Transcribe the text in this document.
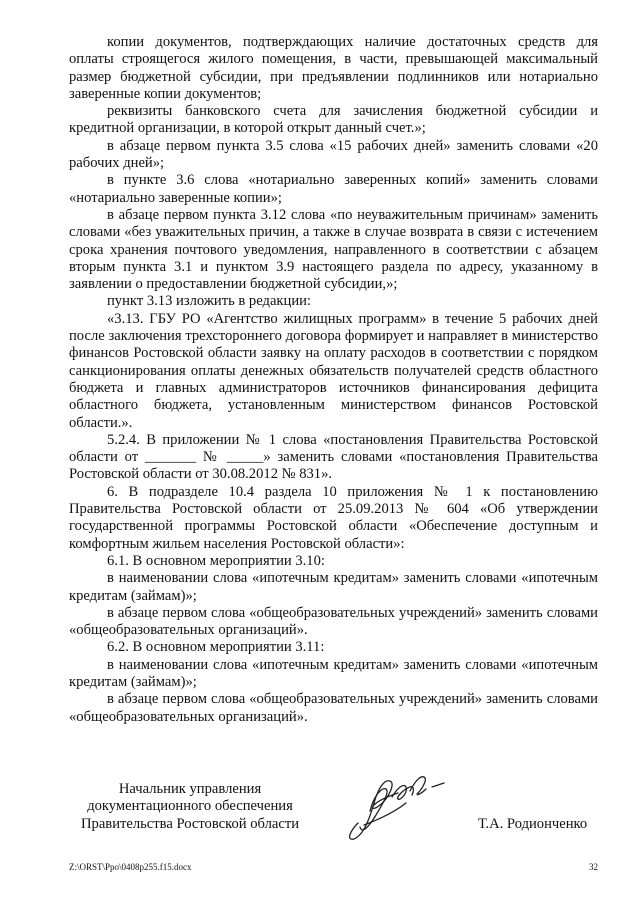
копии документов, подтверждающих наличие достаточных средств для оплаты строящегося жилого помещения, в части, превышающей максимальный размер бюджетной субсидии, при предъявлении подлинников или нотариально заверенные копии документов;

реквизиты банковского счета для зачисления бюджетной субсидии и кредитной организации, в которой открыт данный счет.»;

в абзаце первом пункта 3.5 слова «15 рабочих дней» заменить словами «20 рабочих дней»;

в пункте 3.6 слова «нотариально заверенных копий» заменить словами «нотариально заверенные копии»;

в абзаце первом пункта 3.12 слова «по неуважительным причинам» заменить словами «без уважительных причин, а также в случае возврата в связи с истечением срока хранения почтового уведомления, направленного в соответствии с абзацем вторым пункта 3.1 и пунктом 3.9 настоящего раздела по адресу, указанному в заявлении о предоставлении бюджетной субсидии,»;

пункт 3.13 изложить в редакции:

«3.13. ГБУ РО «Агентство жилищных программ» в течение 5 рабочих дней после заключения трехстороннего договора формирует и направляет в министерство финансов Ростовской области заявку на оплату расходов в соответствии с порядком санкционирования оплаты денежных обязательств получателей средств областного бюджета и главных администраторов источников финансирования дефицита областного бюджета, установленным министерством финансов Ростовской области.».

5.2.4. В приложении № 1 слова «постановления Правительства Ростовской области от _______ № _____» заменить словами «постановления Правительства Ростовской области от 30.08.2012 № 831».

6. В подразделе 10.4 раздела 10 приложения № 1 к постановлению Правительства Ростовской области от 25.09.2013 № 604 «Об утверждении государственной программы Ростовской области «Обеспечение доступным и комфортным жильем населения Ростовской области»:

6.1. В основном мероприятии 3.10:

в наименовании слова «ипотечным кредитам» заменить словами «ипотечным кредитам (займам)»;

в абзаце первом слова «общеобразовательных учреждений» заменить словами «общеобразовательных организаций».

6.2. В основном мероприятии 3.11:

в наименовании слова «ипотечным кредитам» заменить словами «ипотечным кредитам (займам)»;

в абзаце первом слова «общеобразовательных учреждений» заменить словами «общеобразовательных организаций».

Начальник управления
документационного обеспечения
Правительства Ростовской области	Т.А. Родионченко
Z:\ORST\Ppo\0408p255.f15.docx	32
